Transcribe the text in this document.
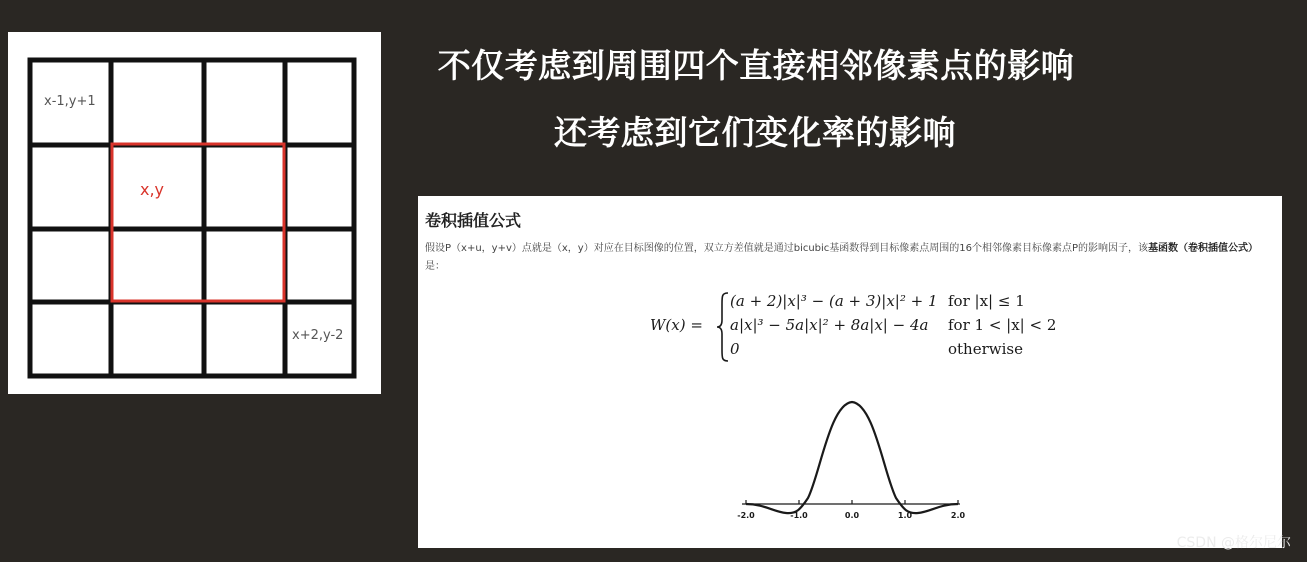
x-1,y+1
x,y
x+2,y-2
不仅考虑到周围四个直接相邻像素点的影响
还考虑到它们变化率的影响
卷积插值公式
假设P（x+u，y+v）点就是（x，y）对应在目标图像的位置，双立方差值就是通过bicubic基函数得到目标像素点周围的16个相邻像素目标像素点P的影响因子，该基函数（卷积插值公式）是：
W(x) =
(a + 2)|x|³ − (a + 3)|x|² + 1 for |x| ≤ 1
a|x|³ − 5a|x|² + 8a|x| − 4a for 1 < |x| < 2
0	otherwise
-2.0	-1.0	0.0	1.0	2.0
CSDN @格尔尼尔
